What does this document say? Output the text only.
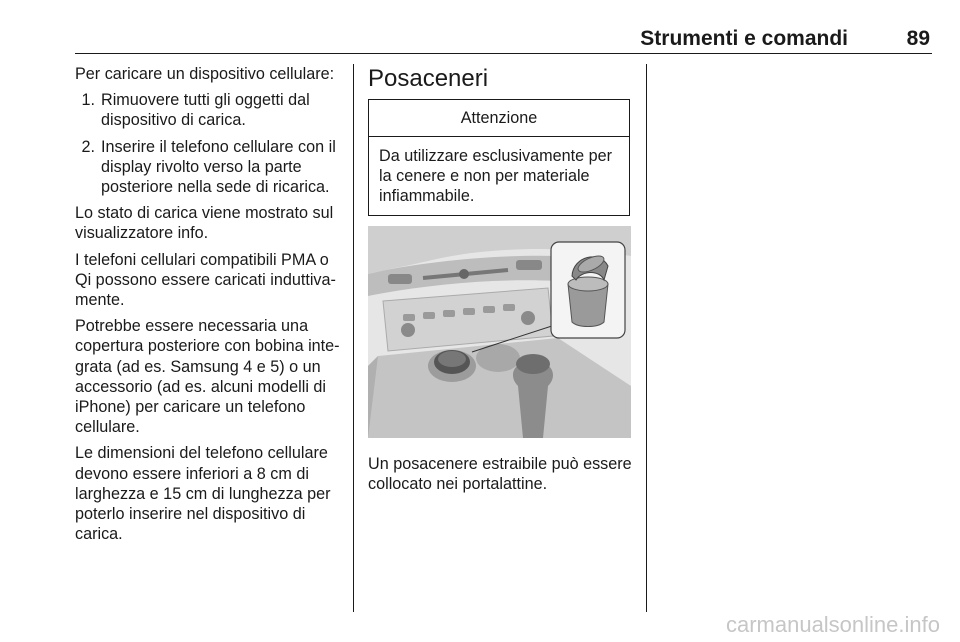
Strumenti e comandi	89

Per caricare un dispositivo cellulare:

1. Rimuovere tutti gli oggetti dal dispositivo di carica.
2. Inserire il telefono cellulare con il display rivolto verso la parte posteriore nella sede di ricarica.

Lo stato di carica viene mostrato sul visualizzatore info.

I telefoni cellulari compatibili PMA o Qi possono essere caricati induttiva-mente.

Potrebbe essere necessaria una copertura posteriore con bobina inte-grata (ad es. Samsung 4 e 5) o un accessorio (ad es. alcuni modelli di iPhone) per caricare un telefono cellulare.

Le dimensioni del telefono cellulare devono essere inferiori a 8 cm di larghezza e 15 cm di lunghezza per poterlo inserire nel dispositivo di carica.

Posaceneri
Attenzione
Da utilizzare esclusivamente per la cenere e non per materiale infiammabile.
Un posacenere estraibile può essere collocato nei portalattine.
carmanualsonline.info
